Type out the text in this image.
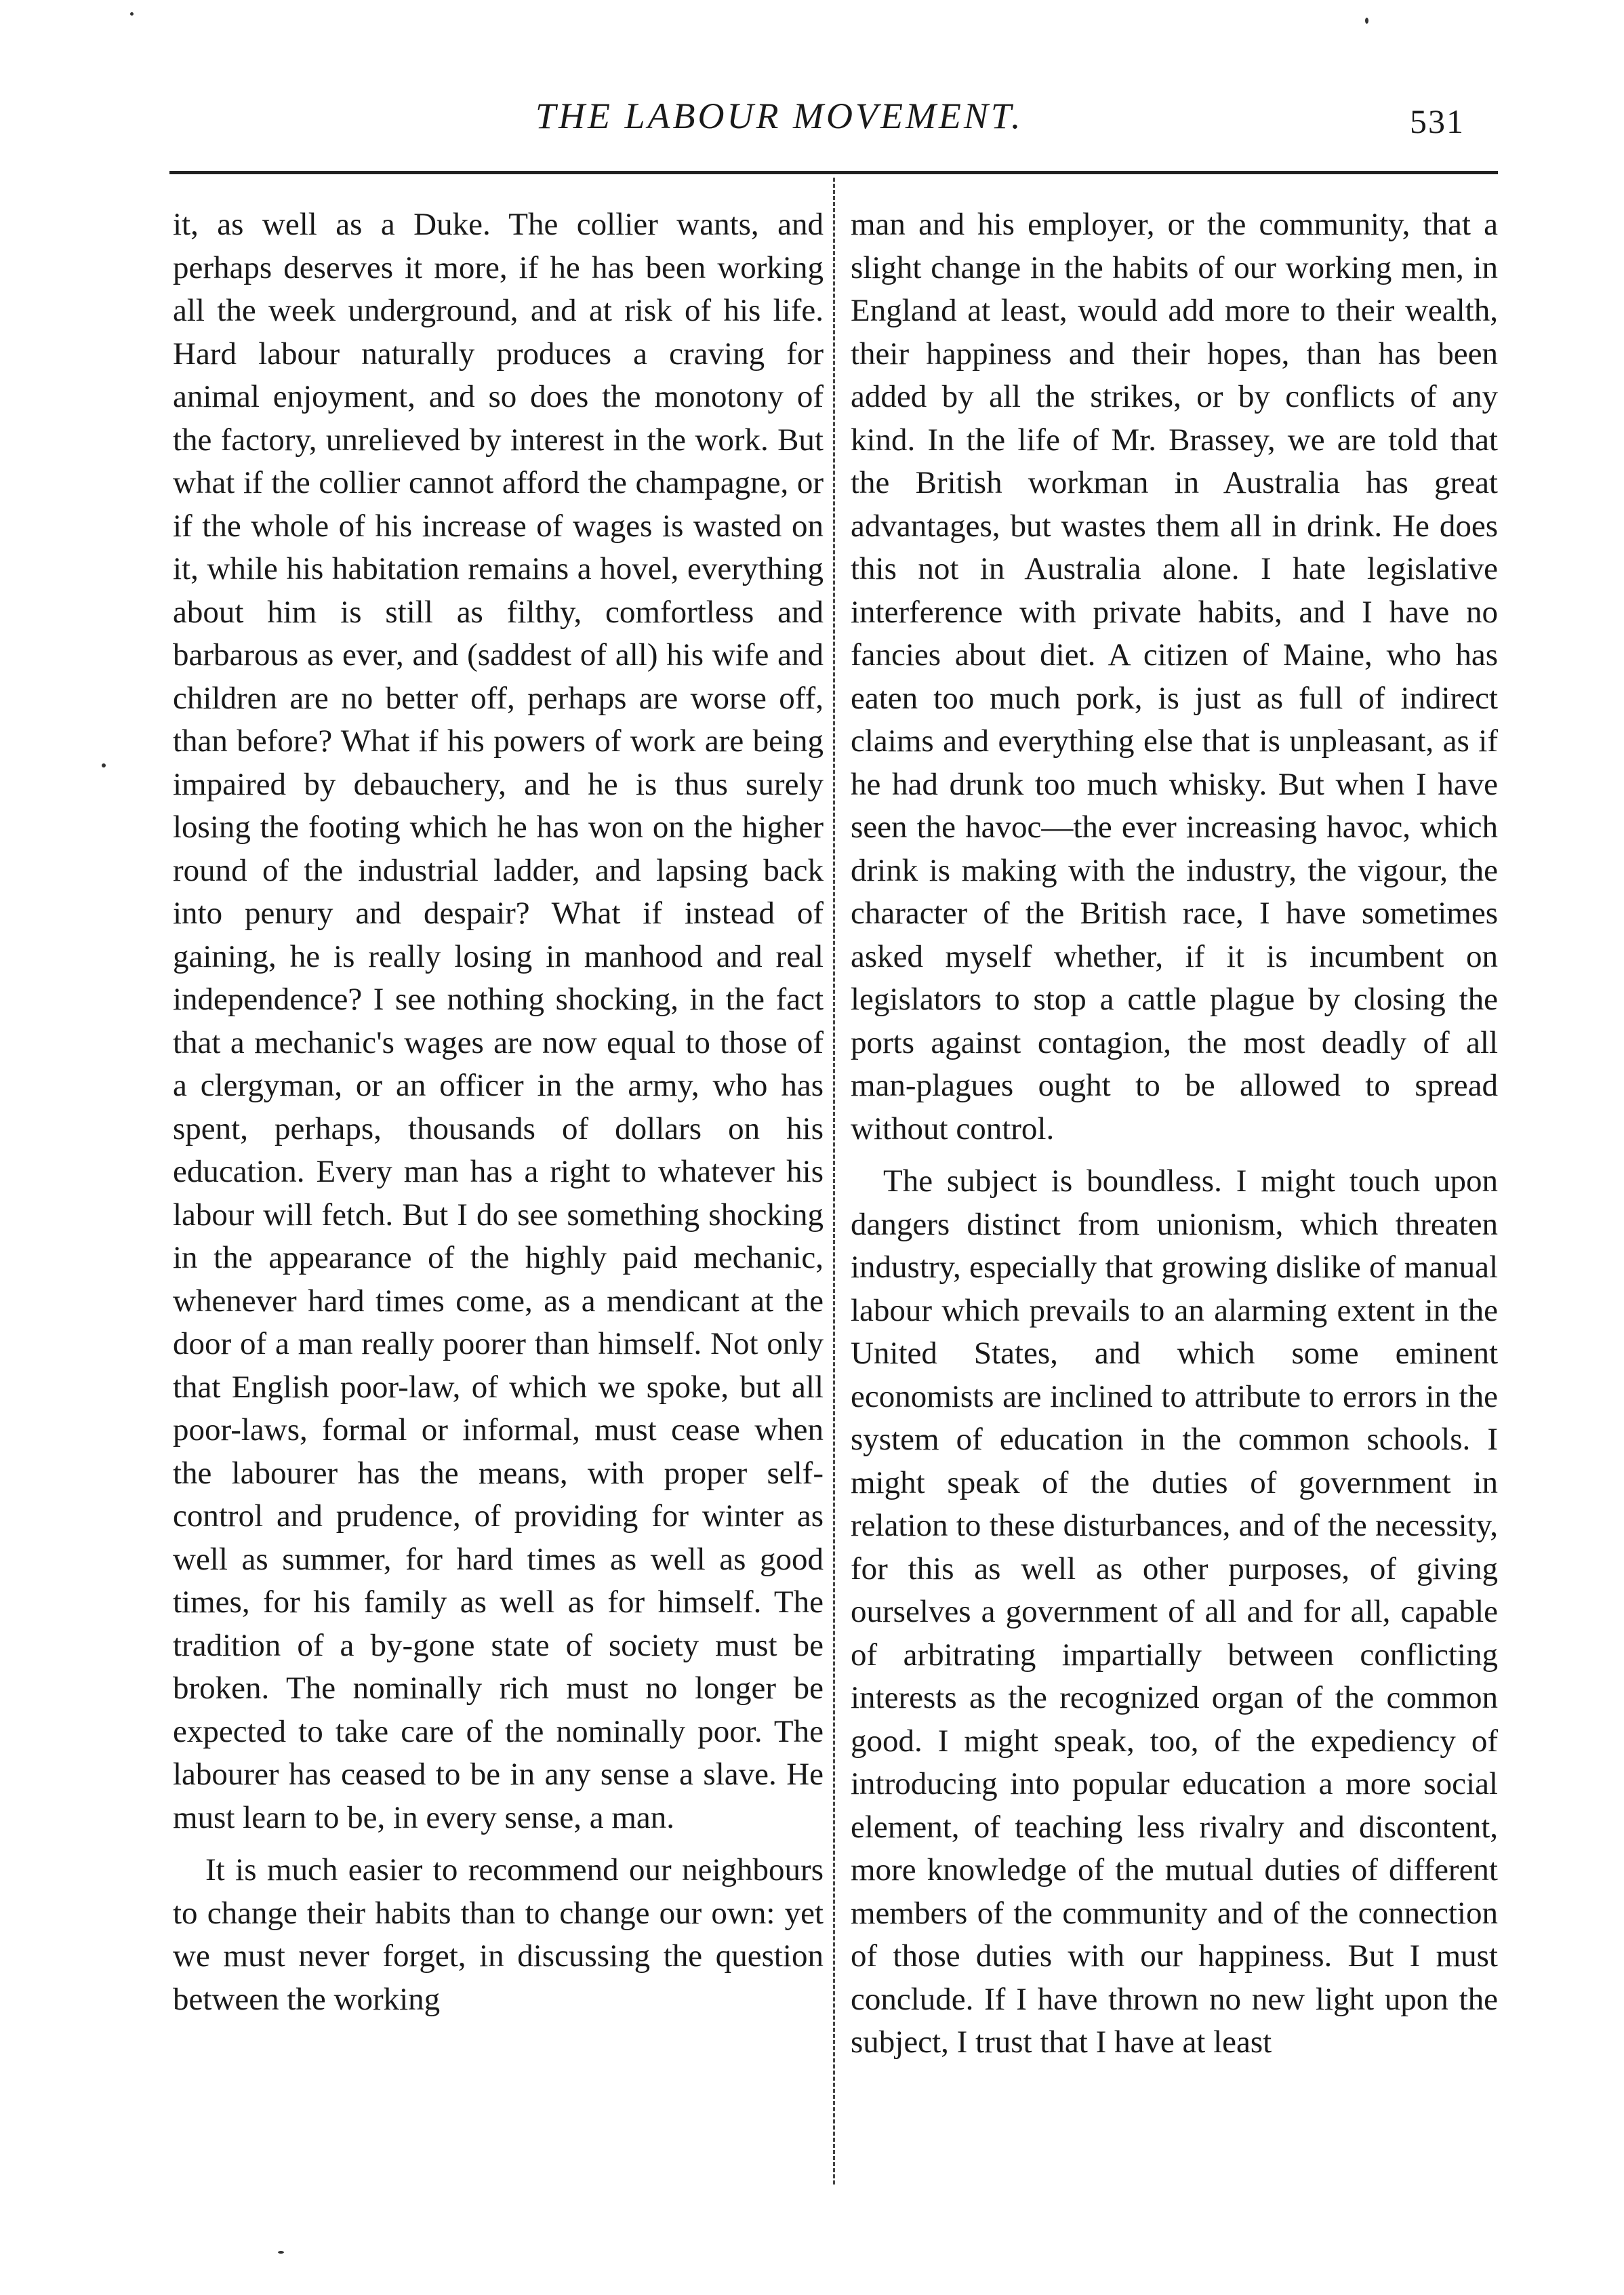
THE LABOUR MOVEMENT.	531

it, as well as a Duke. The collier wants, and perhaps deserves it more, if he has been working all the week underground, and at risk of his life. Hard labour naturally produces a craving for animal enjoyment, and so does the monotony of the factory, unrelieved by interest in the work. But what if the collier cannot afford the champagne, or if the whole of his increase of wages is wasted on it, while his habitation remains a hovel, everything about him is still as filthy, comfortless and barbarous as ever, and (saddest of all) his wife and children are no better off, perhaps are worse off, than before? What if his powers of work are being impaired by debauchery, and he is thus surely losing the footing which he has won on the higher round of the industrial ladder, and lapsing back into penury and despair? What if instead of gaining, he is really losing in manhood and real independence? I see nothing shocking, in the fact that a mechanic's wages are now equal to those of a clergyman, or an officer in the army, who has spent, perhaps, thousands of dollars on his education. Every man has a right to whatever his labour will fetch. But I do see something shocking in the appearance of the highly paid mechanic, whenever hard times come, as a mendicant at the door of a man really poorer than himself. Not only that English poor-law, of which we spoke, but all poor-laws, formal or informal, must cease when the labourer has the means, with proper self-control and prudence, of providing for winter as well as summer, for hard times as well as good times, for his family as well as for himself. The tradition of a by-gone state of society must be broken. The nominally rich must no longer be expected to take care of the nominally poor. The labourer has ceased to be in any sense a slave. He must learn to be, in every sense, a man.

It is much easier to recommend our neighbours to change their habits than to change our own: yet we must never forget, in discussing the question between the working

man and his employer, or the community, that a slight change in the habits of our working men, in England at least, would add more to their wealth, their happiness and their hopes, than has been added by all the strikes, or by conflicts of any kind. In the life of Mr. Brassey, we are told that the British workman in Australia has great advantages, but wastes them all in drink. He does this not in Australia alone. I hate legislative interference with private habits, and I have no fancies about diet. A citizen of Maine, who has eaten too much pork, is just as full of indirect claims and everything else that is unpleasant, as if he had drunk too much whisky. But when I have seen the havoc—the ever increasing havoc, which drink is making with the industry, the vigour, the character of the British race, I have sometimes asked myself whether, if it is incumbent on legislators to stop a cattle plague by closing the ports against contagion, the most deadly of all man-plagues ought to be allowed to spread without control.

The subject is boundless. I might touch upon dangers distinct from unionism, which threaten industry, especially that growing dislike of manual labour which prevails to an alarming extent in the United States, and which some eminent economists are inclined to attribute to errors in the system of education in the common schools. I might speak of the duties of government in relation to these disturbances, and of the necessity, for this as well as other purposes, of giving ourselves a government of all and for all, capable of arbitrating impartially between conflicting interests as the recognized organ of the common good. I might speak, too, of the expediency of introducing into popular education a more social element, of teaching less rivalry and discontent, more knowledge of the mutual duties of different members of the community and of the connection of those duties with our happiness. But I must conclude. If I have thrown no new light upon the subject, I trust that I have at least
